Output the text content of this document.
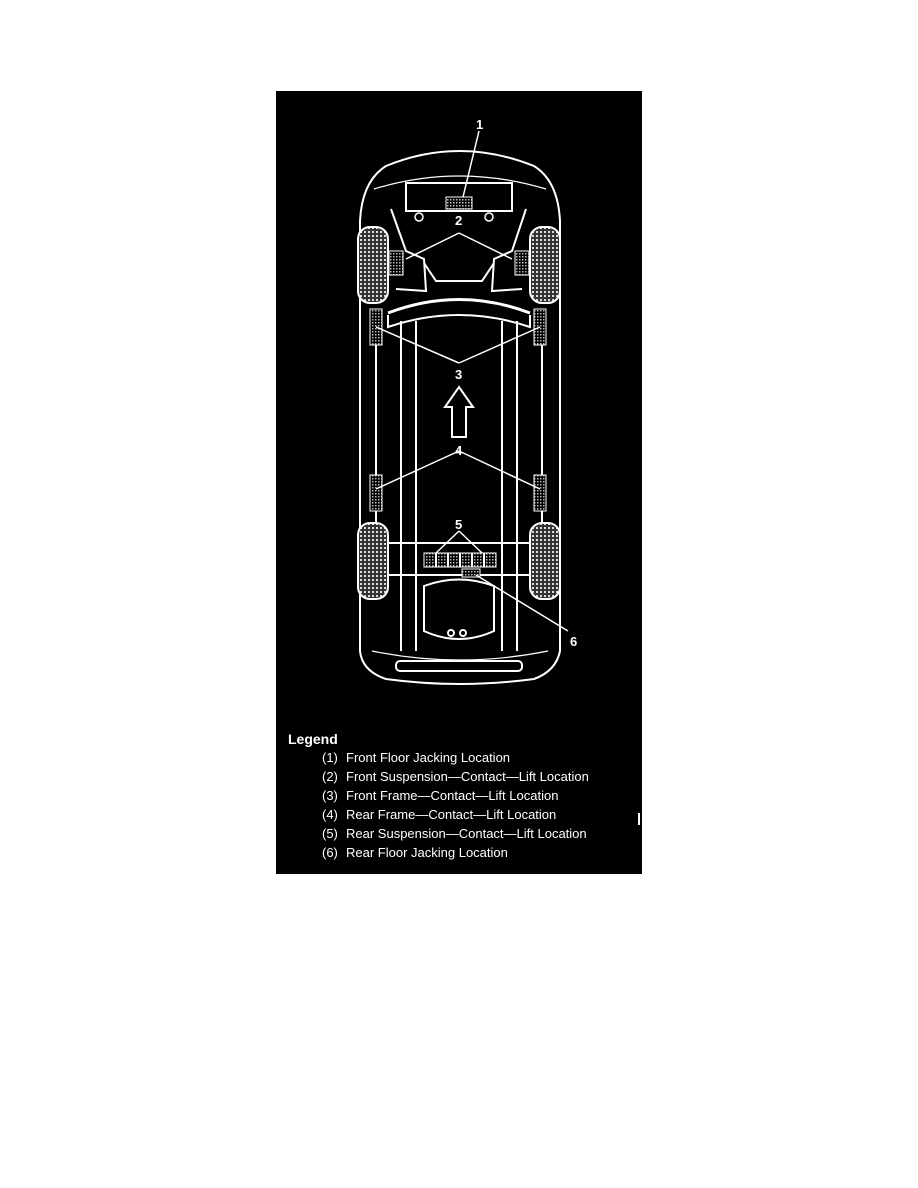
1
2
3
4
5
6
Legend
(1) Front Floor Jacking Location
(2) Front Suspension—Contact—Lift Location
(3) Front Frame—Contact—Lift Location
(4) Rear Frame—Contact—Lift Location
(5) Rear Suspension—Contact—Lift Location
(6) Rear Floor Jacking Location
